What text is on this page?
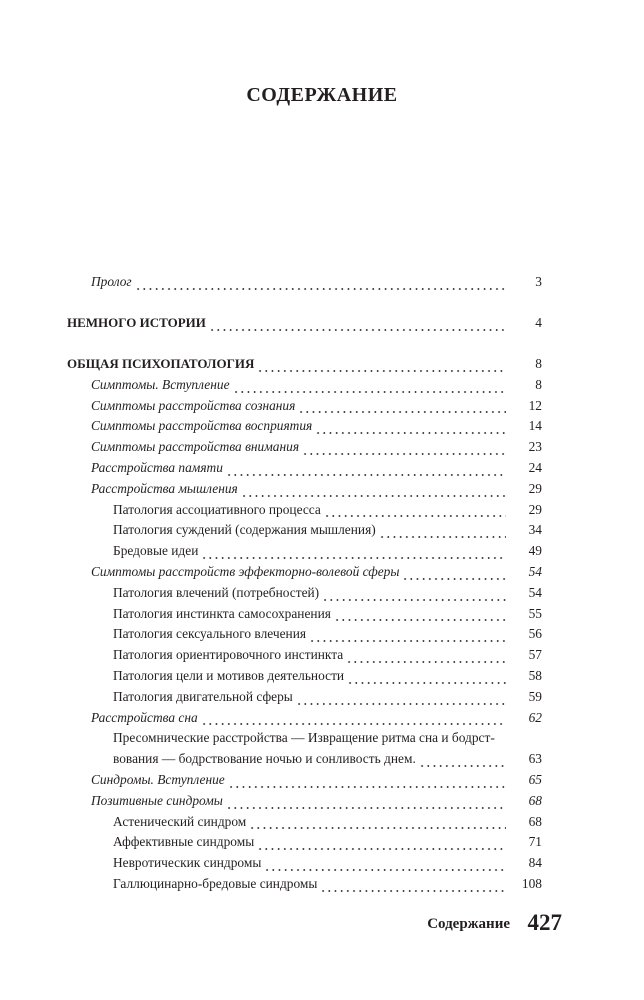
СОДЕРЖАНИЕ
Пролог	3
НЕМНОГО ИСТОРИИ	4
ОБЩАЯ ПСИХОПАТОЛОГИЯ	8
Симптомы. Вступление	8
Симптомы расстройства сознания	12
Симптомы расстройства восприятия	14
Симптомы расстройства внимания	23
Расстройства памяти	24
Расстройства мышления	29
Патология ассоциативного процесса	29
Патология суждений (содержания мышления)	34
Бредовые идеи	49
Симптомы расстройств эффекторно-волевой сферы	54
Патология влечений (потребностей)	54
Патология инстинкта самосохранения	55
Патология сексуального влечения	56
Патология ориентировочного инстинкта	57
Патология цели и мотивов деятельности	58
Патология двигательной сферы	59
Расстройства сна	62
Пресомнические расстройства — Извращение ритма сна и бодрст-
вования — бодрствование ночью и сонливость днем.	63
Синдромы. Вступление	65
Позитивные синдромы	68
Астенический синдром	68
Аффективные синдромы	71
Невротическик синдромы	84
Галлюцинарно-бредовые синдромы	108
Содержание 427
